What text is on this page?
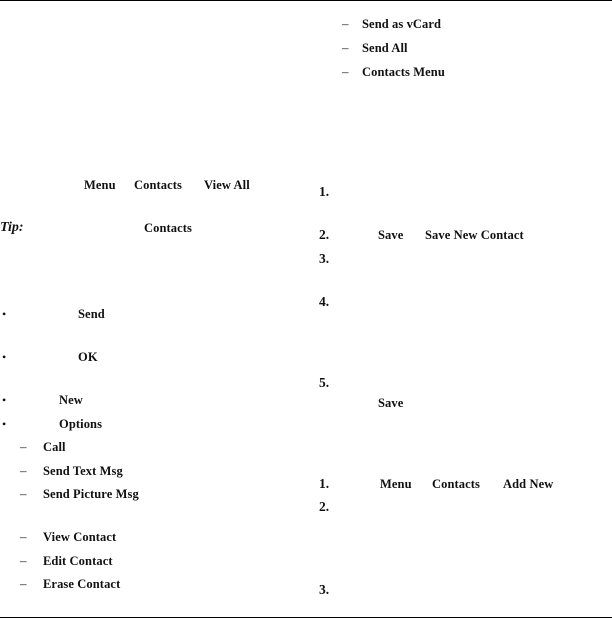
– Send as vCard
– Send All
– Contacts Menu
Menu Contacts View All
Tip:	Contacts
•	Send
•	OK
•	New
•	Options
– Call
– Send Text Msg
– Send Picture Msg
– View Contact
– Edit Contact
– Erase Contact
1.
2.	Save Save New Contact
3.
4.
5.
Save
1.	Menu Contacts Add New
2.
3.
